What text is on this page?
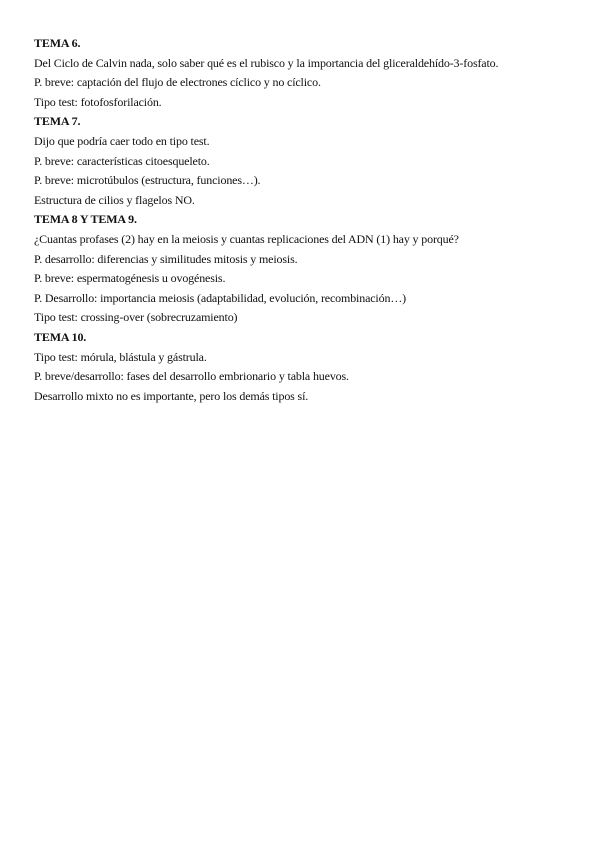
TEMA 6.
Del Ciclo de Calvin nada, solo saber qué es el rubisco y la importancia del gliceraldehído-3-fosfato.
P. breve: captación del flujo de electrones cíclico y no cíclico.
Tipo test: fotofosforilación.
TEMA 7.
Dijo que podría caer todo en tipo test.
P. breve: características citoesqueleto.
P. breve: microtúbulos (estructura, funciones…).
Estructura de cilios y flagelos NO.
TEMA 8 Y TEMA 9.
¿Cuantas profases (2) hay en la meiosis y cuantas replicaciones del ADN (1) hay y porqué?
P. desarrollo: diferencias y similitudes mitosis y meiosis.
P. breve: espermatogénesis u ovogénesis.
P. Desarrollo: importancia meiosis (adaptabilidad, evolución, recombinación…)
Tipo test: crossing-over (sobrecruzamiento)
TEMA 10.
Tipo test: mórula, blástula y gástrula.
P. breve/desarrollo: fases del desarrollo embrionario y tabla huevos.
Desarrollo mixto no es importante, pero los demás tipos sí.
